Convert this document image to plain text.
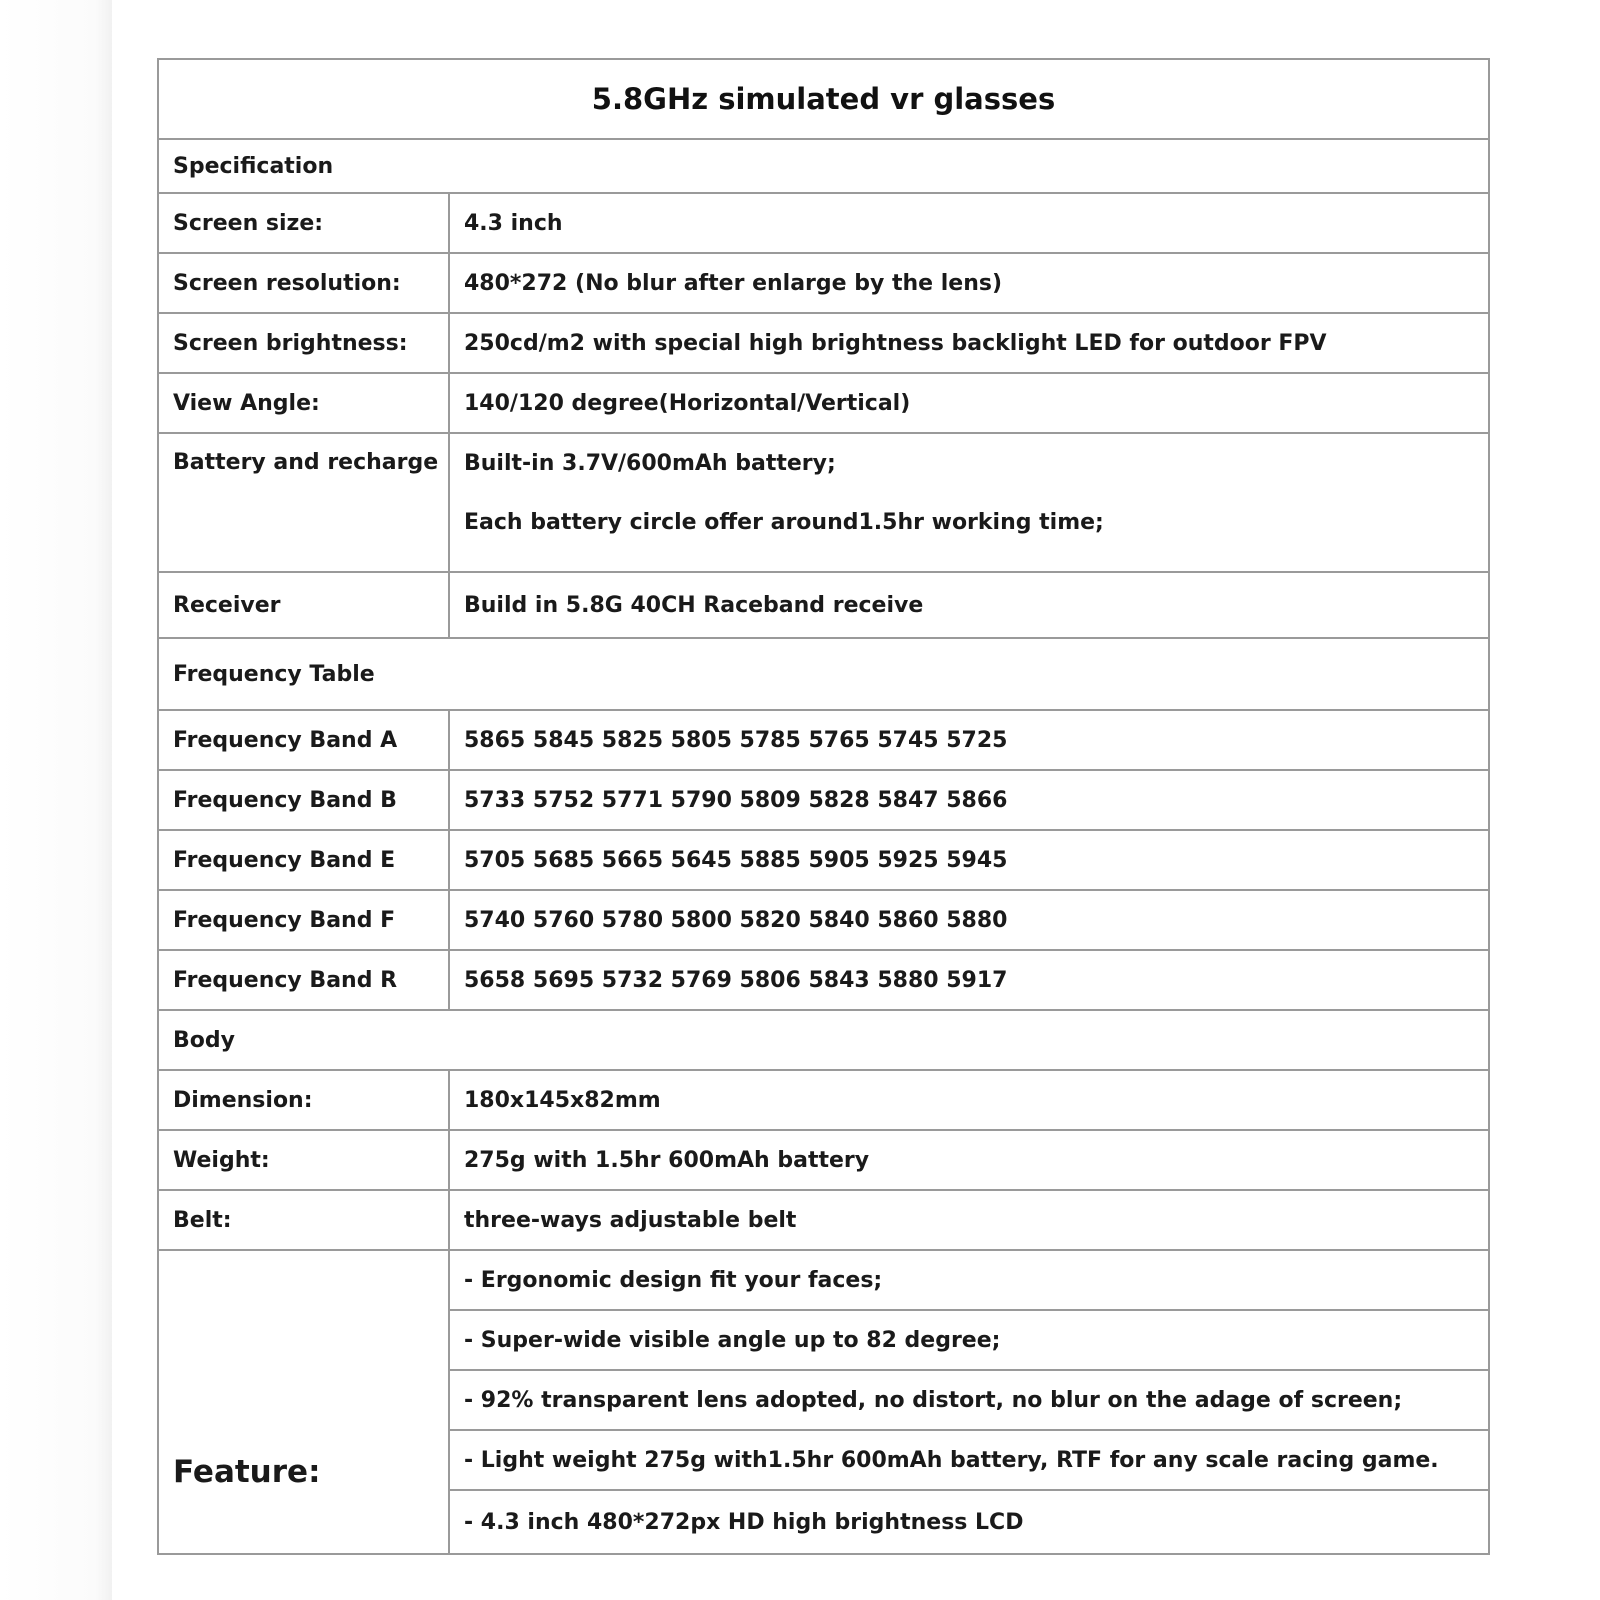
5.8GHz simulated vr glasses
Specification
Screen size:	4.3 inch
Screen resolution:	480*272 (No blur after enlarge by the lens)
Screen brightness:	250cd/m2 with special high brightness backlight LED for outdoor FPV
View Angle:	140/120 degree(Horizontal/Vertical)
Battery and recharge	Built-in 3.7V/600mAh battery;
Each battery circle offer around1.5hr working time;
Receiver	Build in 5.8G 40CH Raceband receive
Frequency Table
Frequency Band A	5865 5845 5825 5805 5785 5765 5745 5725
Frequency Band B	5733 5752 5771 5790 5809 5828 5847 5866
Frequency Band E	5705 5685 5665 5645 5885 5905 5925 5945
Frequency Band F	5740 5760 5780 5800 5820 5840 5860 5880
Frequency Band R	5658 5695 5732 5769 5806 5843 5880 5917
Body
Dimension:	180x145x82mm
Weight:	275g with 1.5hr 600mAh battery
Belt:	three-ways adjustable belt
Feature:
- Ergonomic design fit your faces;
- Super-wide visible angle up to 82 degree;
- 92% transparent lens adopted, no distort, no blur on the adage of screen;
- Light weight 275g with1.5hr 600mAh battery, RTF for any scale racing game.
- 4.3 inch 480*272px HD high brightness LCD
